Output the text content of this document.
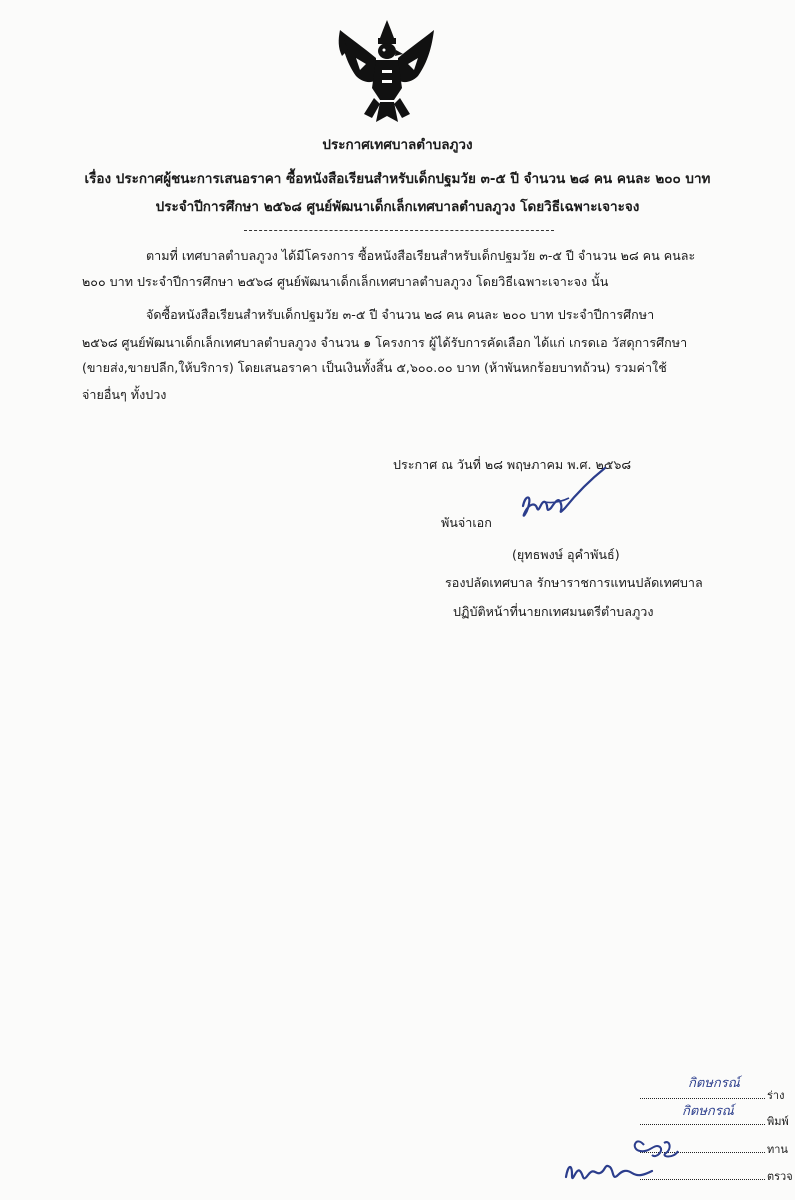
ประกาศเทศบาลตำบลภูวง
เรื่อง ประกาศผู้ชนะการเสนอราคา ซื้อหนังสือเรียนสำหรับเด็กปฐมวัย ๓-๕ ปี จำนวน ๒๘ คน คนละ ๒๐๐ บาท
ประจำปีการศึกษา ๒๕๖๘ ศูนย์พัฒนาเด็กเล็กเทศบาลตำบลภูวง โดยวิธีเฉพาะเจาะจง
ตามที่ เทศบาลตำบลภูวง ได้มีโครงการ ซื้อหนังสือเรียนสำหรับเด็กปฐมวัย ๓-๕ ปี จำนวน ๒๘ คน คนละ
๒๐๐ บาท ประจำปีการศึกษา ๒๕๖๘ ศูนย์พัฒนาเด็กเล็กเทศบาลตำบลภูวง โดยวิธีเฉพาะเจาะจง นั้น
จัดซื้อหนังสือเรียนสำหรับเด็กปฐมวัย ๓-๕ ปี จำนวน ๒๘ คน คนละ ๒๐๐ บาท ประจำปีการศึกษา
๒๕๖๘ ศูนย์พัฒนาเด็กเล็กเทศบาลตำบลภูวง จำนวน ๑ โครงการ ผู้ได้รับการคัดเลือก ได้แก่ เกรดเอ วัสดุการศึกษา
(ขายส่ง,ขายปลีก,ให้บริการ) โดยเสนอราคา เป็นเงินทั้งสิ้น ๕,๖๐๐.๐๐ บาท (ห้าพันหกร้อยบาทถ้วน) รวมค่าใช้
จ่ายอื่นๆ ทั้งปวง
ประกาศ ณ วันที่ ๒๘ พฤษภาคม พ.ศ. ๒๕๖๘
พันจ่าเอก
(ยุทธพงษ์ อุคำพันธ์)
รองปลัดเทศบาล รักษาราชการแทนปลัดเทศบาล
ปฏิบัติหน้าที่นายกเทศมนตรีตำบลภูวง
ร่าง
พิมพ์
ทาน
ตรวจ
กิตษกรณ์
กิตษกรณ์
